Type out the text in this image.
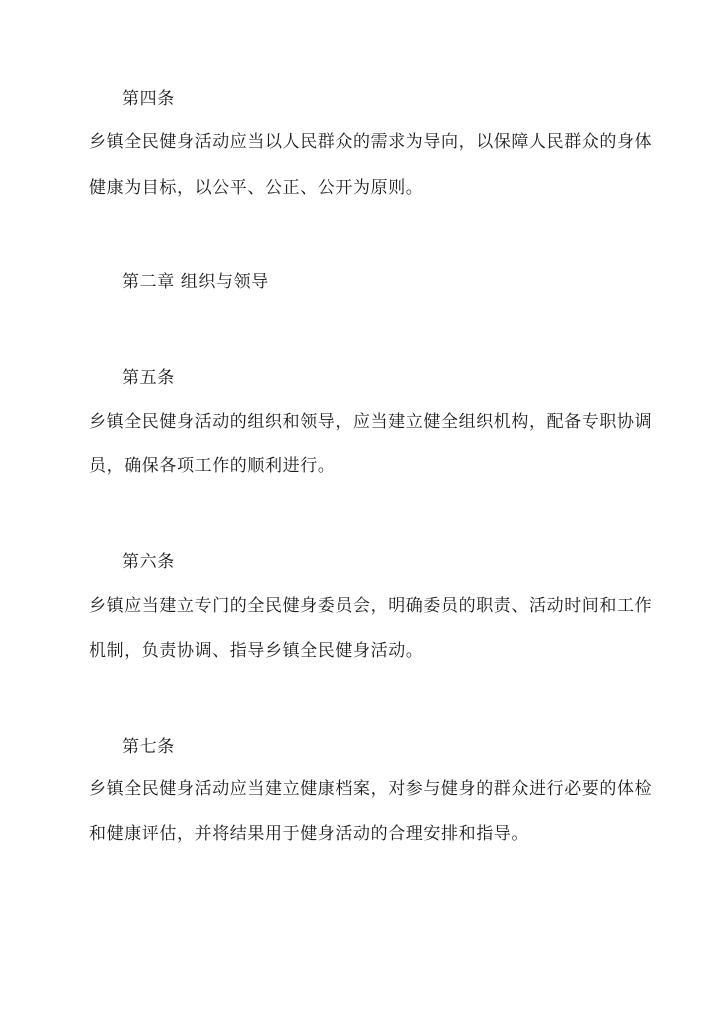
第四条
乡镇全民健身活动应当以人民群众的需求为导向，以保障人民群众的身体
健康为目标，以公平、公正、公开为原则。
第二章 组织与领导
第五条
乡镇全民健身活动的组织和领导，应当建立健全组织机构，配备专职协调
员，确保各项工作的顺利进行。
第六条
乡镇应当建立专门的全民健身委员会，明确委员的职责、活动时间和工作
机制，负责协调、指导乡镇全民健身活动。
第七条
乡镇全民健身活动应当建立健康档案，对参与健身的群众进行必要的体检
和健康评估，并将结果用于健身活动的合理安排和指导。
